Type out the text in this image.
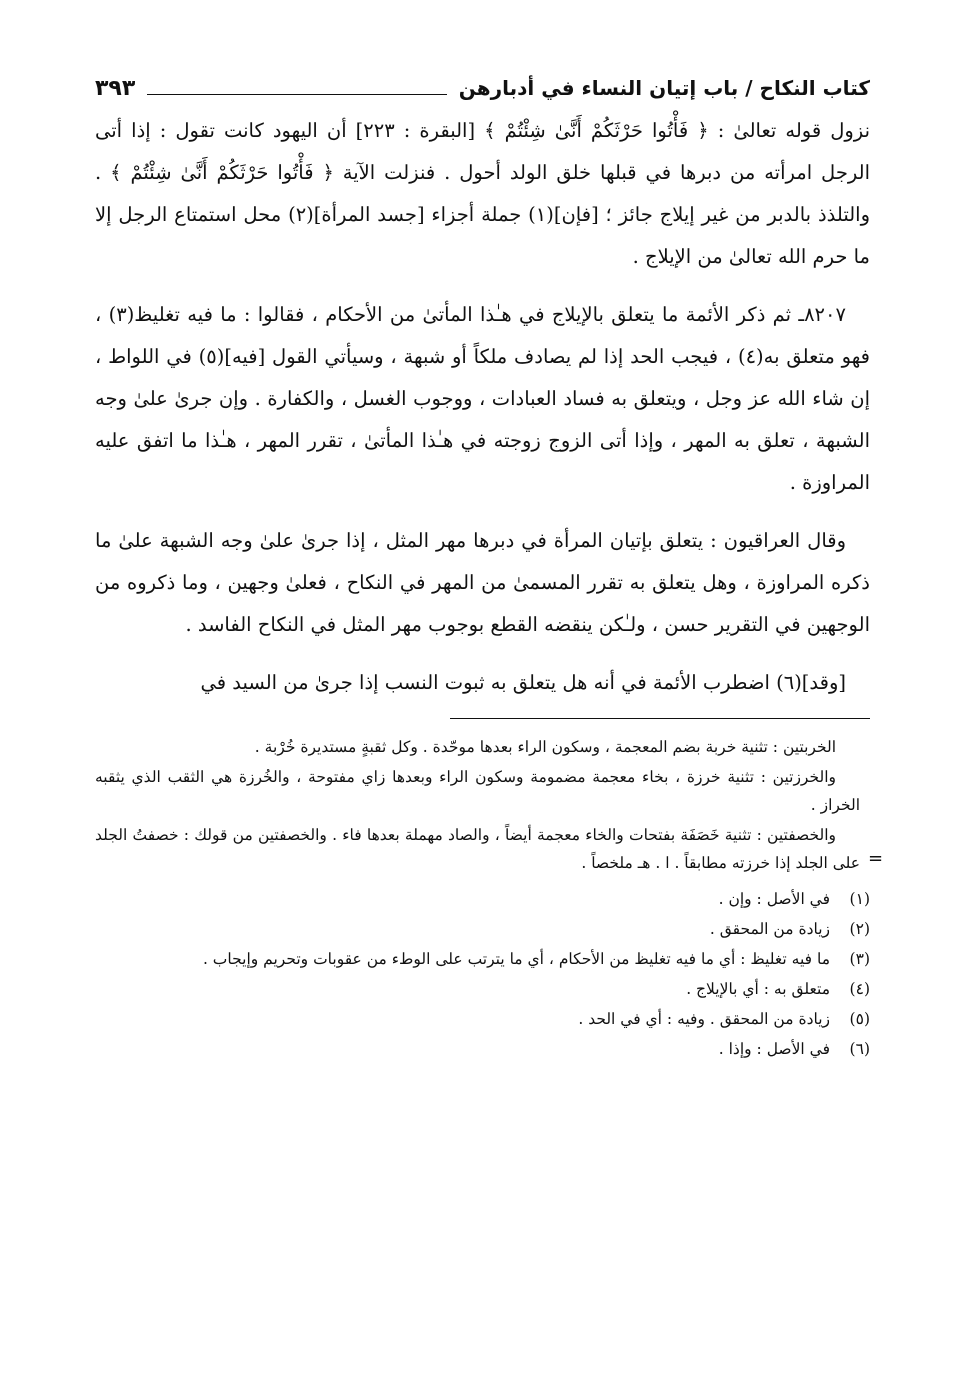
=
كتاب النكاح / باب إتيان النساء في أدبارهن
٣٩٣

نزول قوله تعالىٰ : ﴿ فَأْتُوا حَرْثَكُمْ أَنَّىٰ شِئْتُمْ ﴾ [البقرة : ٢٢٣] أن اليهود كانت تقول : إذا أتى الرجل امرأته من دبرها في قبلها خلق الولد أحول . فنزلت الآية ﴿ فَأْتُوا حَرْثَكُمْ أَنَّىٰ شِئْتُمْ ﴾ . والتلذذ بالدبر من غير إيلاج جائز ؛ [فإن](١) جملة أجزاء [جسد المرأة](٢) محل استمتاع الرجل إلا ما حرم الله تعالىٰ من الإيلاج .

٨٢٠٧ـ ثم ذكر الأئمة ما يتعلق بالإيلاج في هـٰذا المأتىٰ من الأحكام ، فقالوا : ما فيه تغليظ(٣) ، فهو متعلق به(٤) ، فيجب الحد إذا لم يصادف ملكاً أو شبهة ، وسيأتي القول [فيه](٥) في اللواط ، إن شاء الله عز وجل ، ويتعلق به فساد العبادات ، ووجوب الغسل ، والكفارة . وإن جرىٰ علىٰ وجه الشبهة ، تعلق به المهر ، وإذا أتى الزوج زوجته في هـٰذا المأتىٰ ، تقرر المهر ، هـٰذا ما اتفق عليه المراوزة .

وقال العراقيون : يتعلق بإتيان المرأة في دبرها مهر المثل ، إذا جرىٰ علىٰ وجه الشبهة علىٰ ما ذكره المراوزة ، وهل يتعلق به تقرر المسمىٰ من المهر في النكاح ، فعلىٰ وجهين ، وما ذكروه من الوجهين في التقرير حسن ، ولـٰكن ينقضه القطع بوجوب مهر المثل في النكاح الفاسد .

[وقد](٦) اضطرب الأئمة في أنه هل يتعلق به ثبوت النسب إذا جرىٰ من السيد في

الخربتين : تثنية خربة بضم المعجمة ، وسكون الراء بعدها موحّدة . وكل ثقبةٍ مستديرة خُرْبة .

والخرزتين : تثنية خرزة ، بخاء معجمة مضمومة وسكون الراء وبعدها زاي مفتوحة ، والخُرزة هي الثقب الذي يثقبه الخراز .

والخصفتين : تثنية خَصَفَة بفتحات والخاء معجمة أيضاً ، والصاد مهملة بعدها فاء . والخصفتين من قولك : خصفتُ الجلد على الجلد إذا خرزته مطابقاً . ا . هـ ملخصاً .

(١)
في الأصل : وإن .
(٢)
زيادة من المحقق .
(٣)
ما فيه تغليظ : أي ما فيه تغليظ من الأحكام ، أي ما يترتب على الوطء من عقوبات وتحريم وإيجاب .
(٤)
متعلق به : أي بالإيلاج .
(٥)
زيادة من المحقق . وفيه : أي في الحد .
(٦)
في الأصل : وإذا .
